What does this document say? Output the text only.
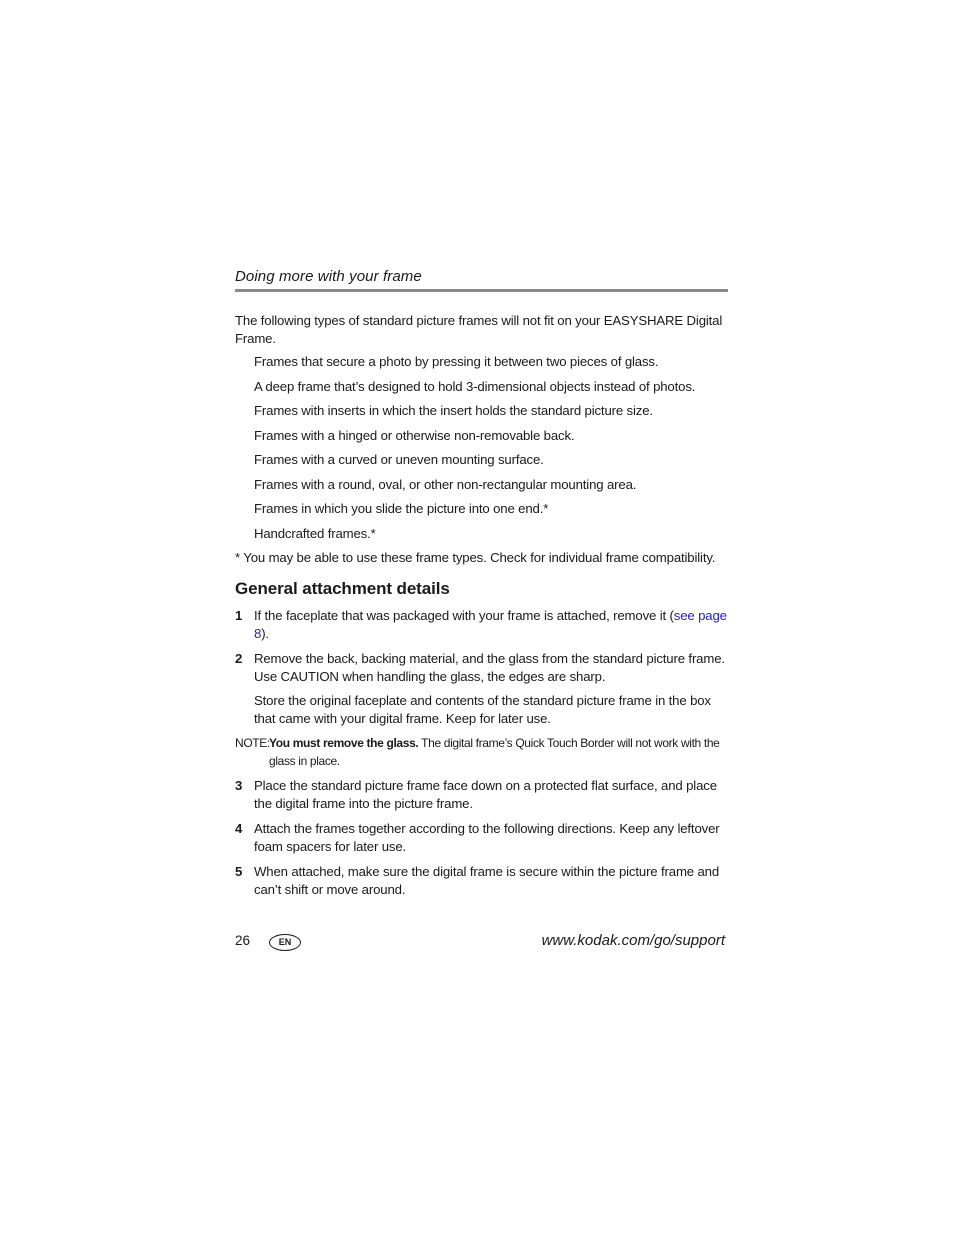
Doing more with your frame

The following types of standard picture frames will not fit on your EASYSHARE Digital Frame.

Frames that secure a photo by pressing it between two pieces of glass.
A deep frame that’s designed to hold 3-dimensional objects instead of photos.
Frames with inserts in which the insert holds the standard picture size.
Frames with a hinged or otherwise non-removable back.
Frames with a curved or uneven mounting surface.
Frames with a round, oval, or other non-rectangular mounting area.
Frames in which you slide the picture into one end.*
Handcrafted frames.*
* You may be able to use these frame types. Check for individual frame compatibility.
General attachment details
1 If the faceplate that was packaged with your frame is attached, remove it (see page 8).
2 Remove the back, backing material, and the glass from the standard picture frame. Use CAUTION when handling the glass, the edges are sharp.
Store the original faceplate and contents of the standard picture frame in the box that came with your digital frame. Keep for later use.
NOTE: You must remove the glass. The digital frame’s Quick Touch Border will not work with the glass in place.
3 Place the standard picture frame face down on a protected flat surface, and place the digital frame into the picture frame.
4 Attach the frames together according to the following directions. Keep any leftover foam spacers for later use.
5 When attached, make sure the digital frame is secure within the picture frame and can’t shift or move around.
26	EN	www.kodak.com/go/support
